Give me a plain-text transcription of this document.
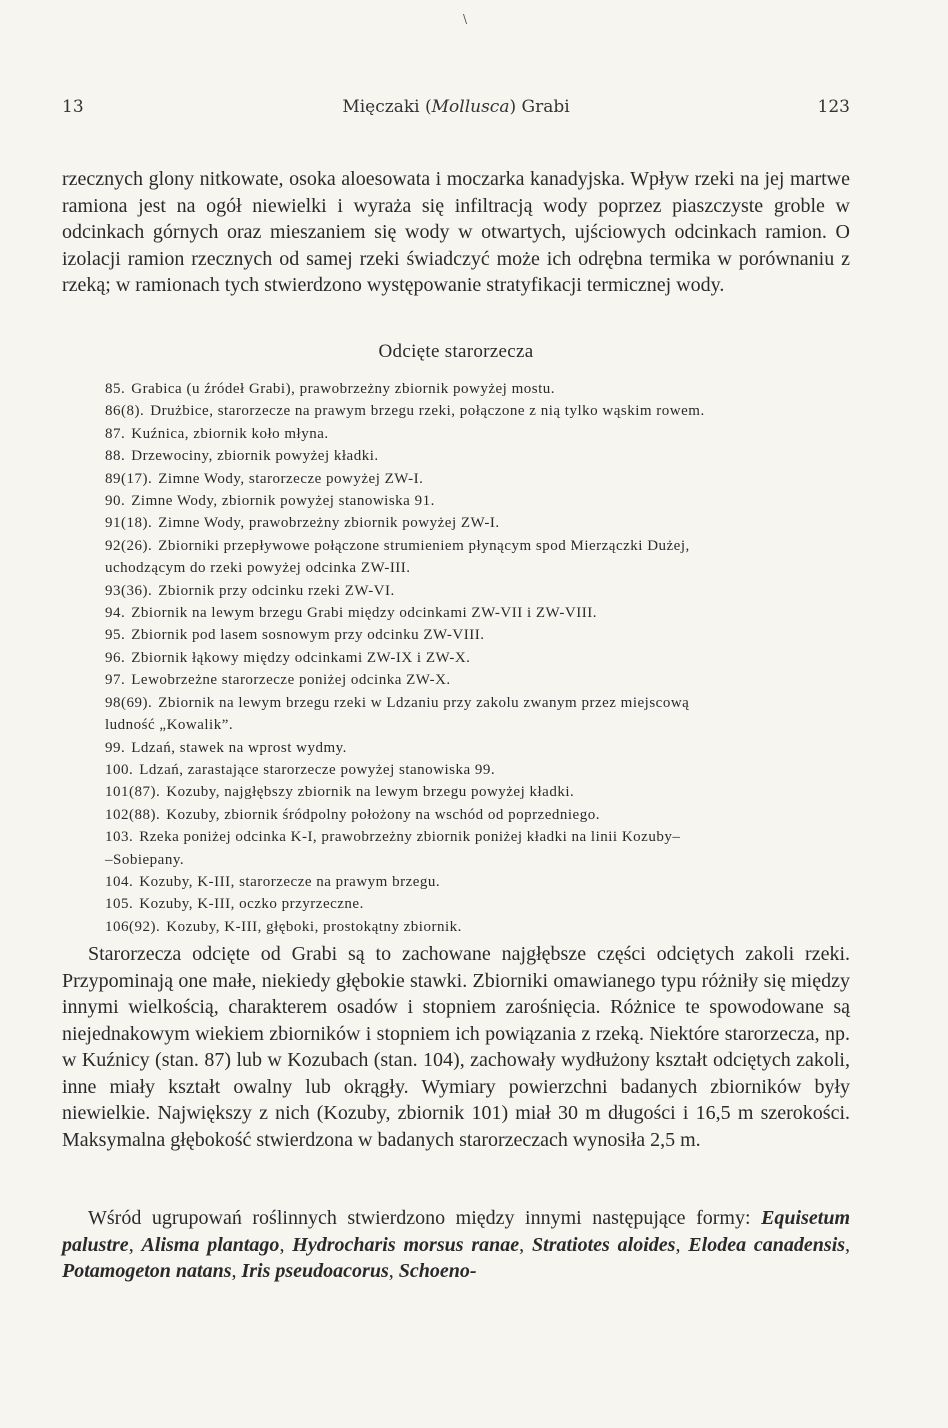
\
13	Mięczaki (Mollusca) Grabi	123

rzecznych glony nitkowate, osoka aloesowata i moczarka kanadyjska. Wpływ rzeki na jej martwe ramiona jest na ogół niewielki i wyraża się infiltracją wody poprzez piaszczyste groble w odcinkach górnych oraz mieszaniem się wody w otwartych, ujściowych odcinkach ramion. O izolacji ramion rzecznych od samej rzeki świadczyć może ich odrębna termika w porównaniu z rzeką; w ramionach tych stwierdzono występowanie stratyfikacji termicznej wody.

Odcięte starorzecza
85. Grabica (u źródeł Grabi), prawobrzeżny zbiornik powyżej mostu.
86(8). Drużbice, starorzecze na prawym brzegu rzeki, połączone z nią tylko wąskim rowem.
87. Kuźnica, zbiornik koło młyna.
88. Drzewociny, zbiornik powyżej kładki.
89(17). Zimne Wody, starorzecze powyżej ZW-I.
90. Zimne Wody, zbiornik powyżej stanowiska 91.
91(18). Zimne Wody, prawobrzeżny zbiornik powyżej ZW-I.
92(26). Zbiorniki przepływowe połączone strumieniem płynącym spod Mierzączki Dużej,
uchodzącym do rzeki powyżej odcinka ZW-III.
93(36). Zbiornik przy odcinku rzeki ZW-VI.
94. Zbiornik na lewym brzegu Grabi między odcinkami ZW-VII i ZW-VIII.
95. Zbiornik pod lasem sosnowym przy odcinku ZW-VIII.
96. Zbiornik łąkowy między odcinkami ZW-IX i ZW-X.
97. Lewobrzeżne starorzecze poniżej odcinka ZW-X.
98(69). Zbiornik na lewym brzegu rzeki w Ldzaniu przy zakolu zwanym przez miejscową
ludność „Kowalik”.
99. Ldzań, stawek na wprost wydmy.
100. Ldzań, zarastające starorzecze powyżej stanowiska 99.
101(87). Kozuby, najgłębszy zbiornik na lewym brzegu powyżej kładki.
102(88). Kozuby, zbiornik śródpolny położony na wschód od poprzedniego.
103. Rzeka poniżej odcinka K-I, prawobrzeżny zbiornik poniżej kładki na linii Kozuby–
–Sobiepany.
104. Kozuby, K-III, starorzecze na prawym brzegu.
105. Kozuby, K-III, oczko przyrzeczne.
106(92). Kozuby, K-III, głęboki, prostokątny zbiornik.

Starorzecza odcięte od Grabi są to zachowane najgłębsze części odciętych zakoli rzeki. Przypominają one małe, niekiedy głębokie stawki. Zbiorniki omawianego typu różniły się między innymi wielkością, charakterem osadów i stopniem zarośnięcia. Różnice te spowodowane są niejednakowym wiekiem zbiorników i stopniem ich powiązania z rzeką. Niektóre starorzecza, np. w Kuźnicy (stan. 87) lub w Kozubach (stan. 104), zachowały wydłużony kształt odciętych zakoli, inne miały kształt owalny lub okrągły. Wymiary powierzchni badanych zbiorników były niewielkie. Największy z nich (Kozuby, zbiornik 101) miał 30 m długości i 16,5 m szerokości. Maksymalna głębokość stwierdzona w badanych starorzeczach wynosiła 2,5 m.

Wśród ugrupowań roślinnych stwierdzono między innymi następujące formy: Equisetum palustre, Alisma plantago, Hydrocharis morsus ranae, Stratiotes aloides, Elodea canadensis, Potamogeton natans, Iris pseudoacorus, Schoeno-
